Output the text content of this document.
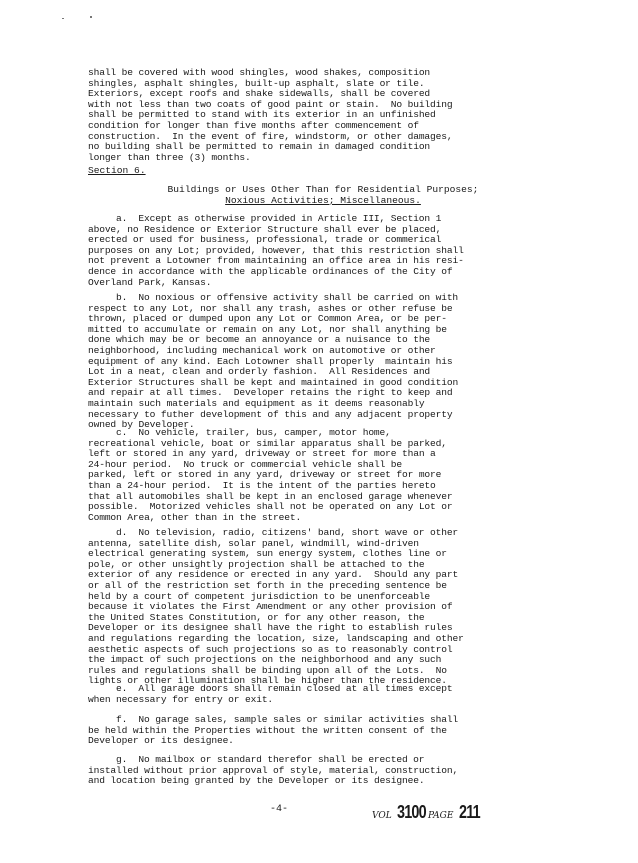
shall be covered with wood shingles, wood shakes, composition
shingles, asphalt shingles, built-up asphalt, slate or tile.
Exteriors, except roofs and shake sidewalls, shall be covered
with not less than two coats of good paint or stain.  No building
shall be permitted to stand with its exterior in an unfinished
condition for longer than five months after commencement of
construction.  In the event of fire, windstorm, or other damages,
no building shall be permitted to remain in damaged condition
longer than three (3) months.
Section 6.
Buildings or Uses Other Than for Residential Purposes;
Noxious Activities; Miscellaneous.
a.  Except as otherwise provided in Article III, Section 1
above, no Residence or Exterior Structure shall ever be placed,
erected or used for business, professional, trade or commerical
purposes on any Lot; provided, however, that this restriction shall
not prevent a Lotowner from maintaining an office area in his resi-
dence in accordance with the applicable ordinances of the City of
Overland Park, Kansas.
b.  No noxious or offensive activity shall be carried on with
respect to any Lot, nor shall any trash, ashes or other refuse be
thrown, placed or dumped upon any Lot or Common Area, or be per-
mitted to accumulate or remain on any Lot, nor shall anything be
done which may be or become an annoyance or a nuisance to the
neighborhood, including mechanical work on automotive or other
equipment of any kind. Each Lotowner shall properly  maintain his
Lot in a neat, clean and orderly fashion.  All Residences and
Exterior Structures shall be kept and maintained in good condition
and repair at all times.  Developer retains the right to keep and
maintain such materials and equipment as it deems reasonably
necessary to futher development of this and any adjacent property
owned by Developer.
c.  No vehicle, trailer, bus, camper, motor home,
recreational vehicle, boat or similar apparatus shall be parked,
left or stored in any yard, driveway or street for more than a
24-hour period.  No truck or commercial vehicle shall be
parked, left or stored in any yard, driveway or street for more
than a 24-hour period.  It is the intent of the parties hereto
that all automobiles shall be kept in an enclosed garage whenever
possible.  Motorized vehicles shall not be operated on any Lot or
Common Area, other than in the street.
d.  No television, radio, citizens' band, short wave or other
antenna, satellite dish, solar panel, windmill, wind-driven
electrical generating system, sun energy system, clothes line or
pole, or other unsightly projection shall be attached to the
exterior of any residence or erected in any yard.  Should any part
or all of the restriction set forth in the preceding sentence be
held by a court of competent jurisdiction to be unenforceable
because it violates the First Amendment or any other provision of
the United States Constitution, or for any other reason, the
Developer or its designee shall have the right to establish rules
and regulations regarding the location, size, landscaping and other
aesthetic aspects of such projections so as to reasonably control
the impact of such projections on the neighborhood and any such
rules and regulations shall be binding upon all of the Lots.  No
lights or other illumination shall be higher than the residence.
e.  All garage doors shall remain closed at all times except
when necessary for entry or exit.
f.  No garage sales, sample sales or similar activities shall
be held within the Properties without the written consent of the
Developer or its designee.
g.  No mailbox or standard therefor shall be erected or
installed without prior approval of style, material, construction,
and location being granted by the Developer or its designee.
-4-
VOL 3100 PAGE 211
